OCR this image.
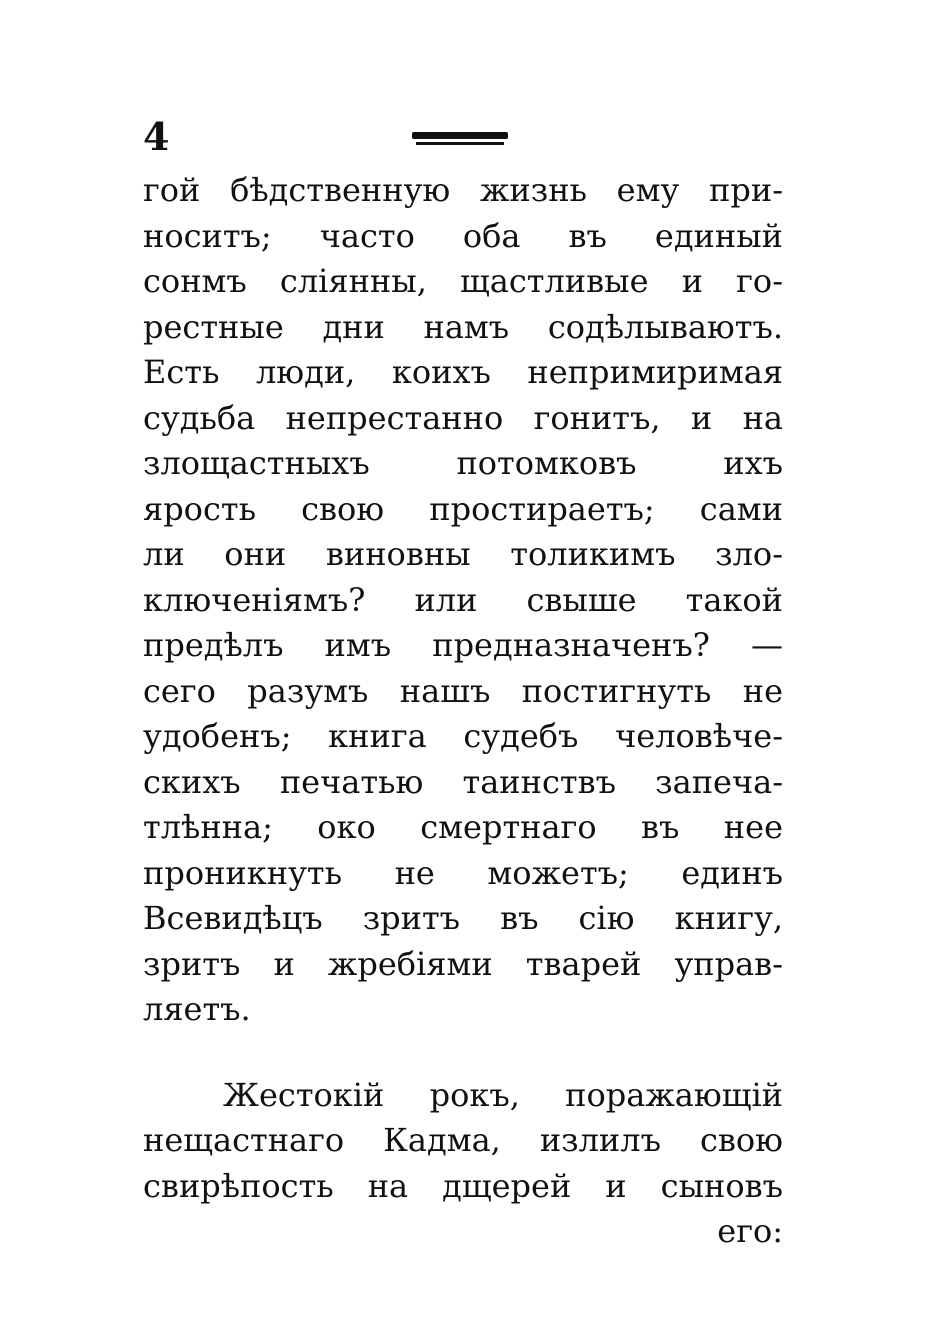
4
гой бѣдственную жизнь ему при-
носитъ; часто оба въ единый
сонмъ слiянны, щастливые и го-
рестные дни намъ содѣлываютъ.
Есть люди, коихъ непримиримая
судьба непрестанно гонитъ, и на
злощастныхъ потомковъ ихъ
ярость свою простираетъ; сами
ли они виновны толикимъ зло-
ключенiямъ? или свыше такой
предѣлъ имъ предназначенъ? —
сего разумъ нашъ постигнуть не
удобенъ; книга судебъ человѣче-
скихъ печатью таинствъ запеча-
тлѣнна; око смертнаго въ нее
проникнуть не можетъ; единъ
Всевидѣцъ зритъ въ сiю книгу,
зритъ и жребiями тварей управ-
ляетъ.
Жестокiй рокъ, поражающiй
нещастнаго Кадма, излилъ свою
свирѣпость на дщерей и сыновъ
его:
